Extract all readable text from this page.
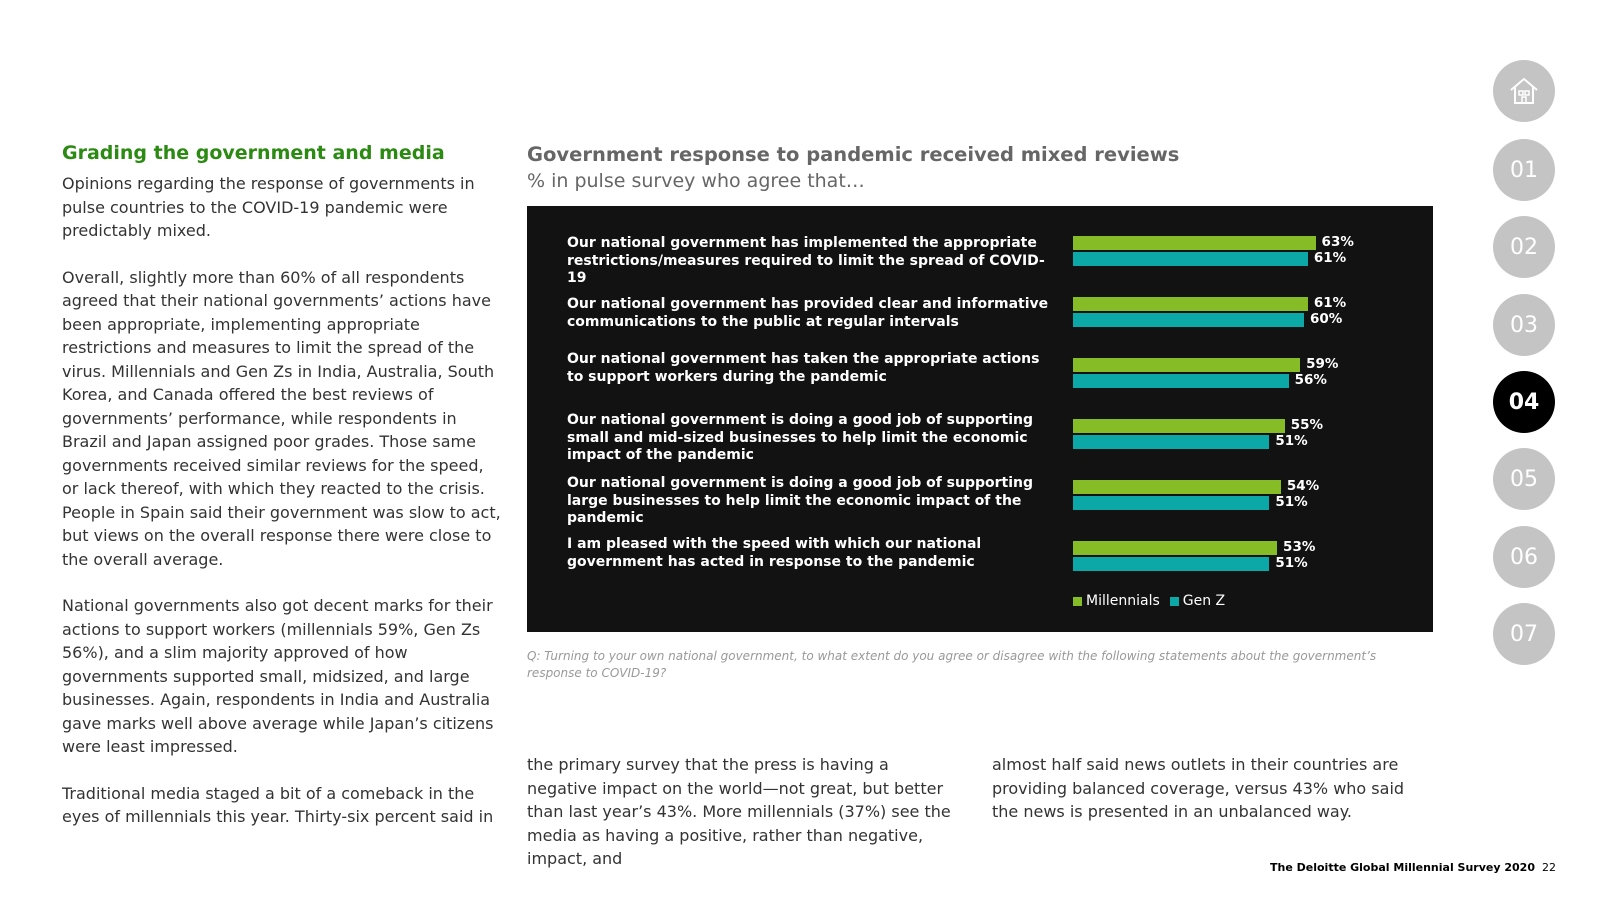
Grading the government and media

Opinions regarding the response of governments in pulse countries to the COVID-19 pandemic were predictably mixed.

Overall, slightly more than 60% of all respondents agreed that their national governments’ actions have been appropriate, implementing appropriate restrictions and measures to limit the spread of the virus. Millennials and Gen Zs in India, Australia, South Korea, and Canada offered the best reviews of governments’ performance, while respondents in Brazil and Japan assigned poor grades. Those same governments received similar reviews for the speed, or lack thereof, with which they reacted to the crisis. People in Spain said their government was slow to act, but views on the overall response there were close to the overall average.

National governments also got decent marks for their actions to support workers (millennials 59%, Gen Zs 56%), and a slim majority approved of how governments supported small, midsized, and large businesses. Again, respondents in India and Australia gave marks well above average while Japan’s citizens were least impressed.

Traditional media staged a bit of a comeback in the eyes of millennials this year. Thirty-six percent said in

Government response to pandemic received mixed reviews
% in pulse survey who agree that…
Millennials Gen Z
Our national government has implemented the appropriate restrictions/measures required to limit the spread of COVID-19
63%
61%
Our national government has provided clear and informative communications to the public at regular intervals
61%
60%
Our national government has taken the appropriate actions to support workers during the pandemic
59%
56%
Our national government is doing a good job of supporting small and mid-sized businesses to help limit the economic impact of the pandemic
55%
51%
Our national government is doing a good job of supporting large businesses to help limit the economic impact of the pandemic
54%
51%
I am pleased with the speed with which our national government has acted in response to the pandemic
53%
51%
Q: Turning to your own national government, to what extent do you agree or disagree with the following statements about the government’s response to COVID-19?

the primary survey that the press is having a negative impact on the world—not great, but better than last year’s 43%. More millennials (37%) see the media as having a positive, rather than negative, impact, and

almost half said news outlets in their countries are providing balanced coverage, versus 43% who said the news is presented in an unbalanced way.

01
02
03
04
05
06
07
The Deloitte Global Millennial Survey 2020 22
